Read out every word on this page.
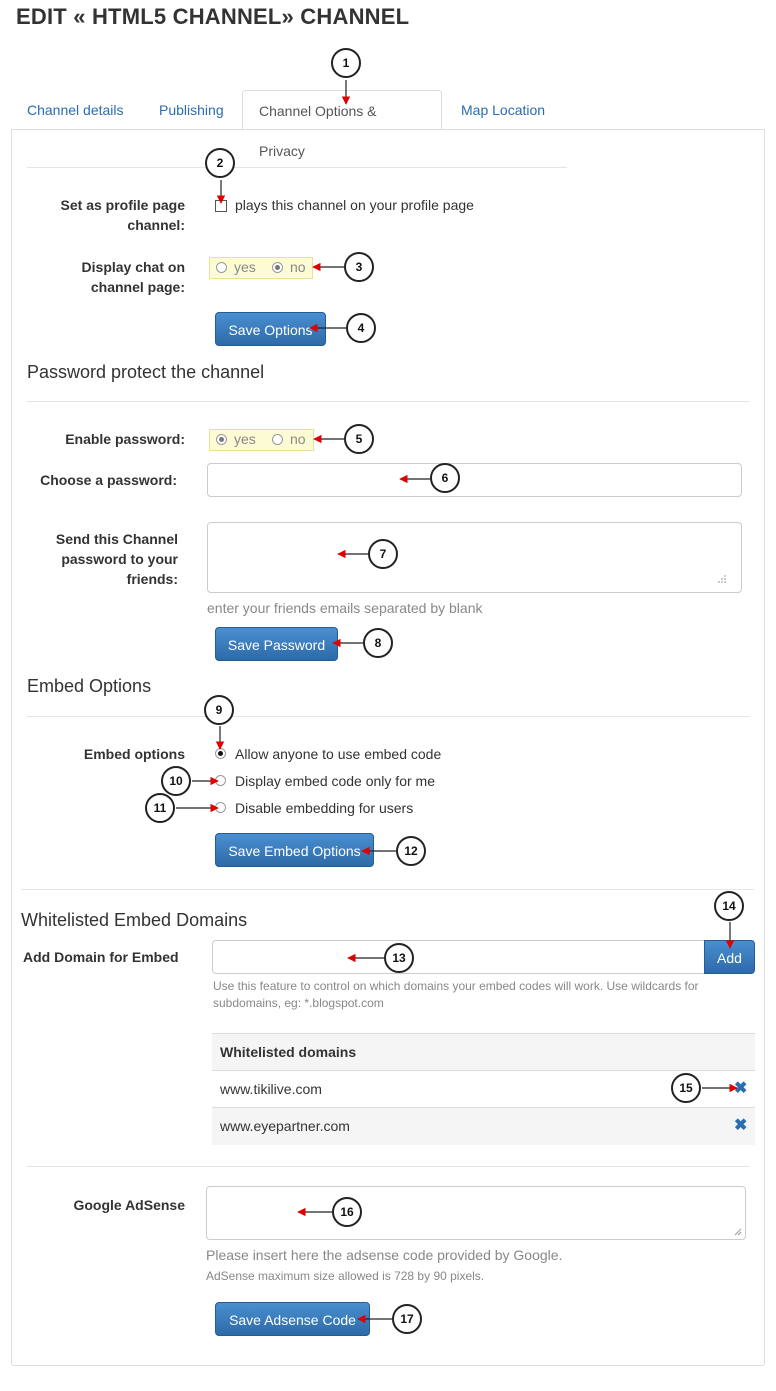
EDIT « HTML5 CHANNEL» CHANNEL
Channel details	Publishing	Channel Options & Privacy
Map Location
Set as profile page
channel:
plays this channel on your profile page
Display chat on
channel page:
yes no
Save Options
Password protect the channel
Enable password:	yes no
Choose a password:
Send this Channel
password to your
friends:
enter your friends emails separated by blank
Save Password
Embed Options
Embed options	Allow anyone to use embed code
Display embed code only for me
Disable embedding for users
Save Embed Options
Whitelisted Embed Domains
Add Domain for Embed	Add
Use this feature to control on which domains your embed codes will work. Use wildcards for
subdomains, eg: *.blogspot.com
Whitelisted domains
www.tikilive.com	✖
www.eyepartner.com	✖
Google AdSense
Please insert here the adsense code provided by Google.
AdSense maximum size allowed is 728 by 90 pixels.
Save Adsense Code
1
2
3
4
5
6
7
8
9
10
11
12
13
14
15
16
17
